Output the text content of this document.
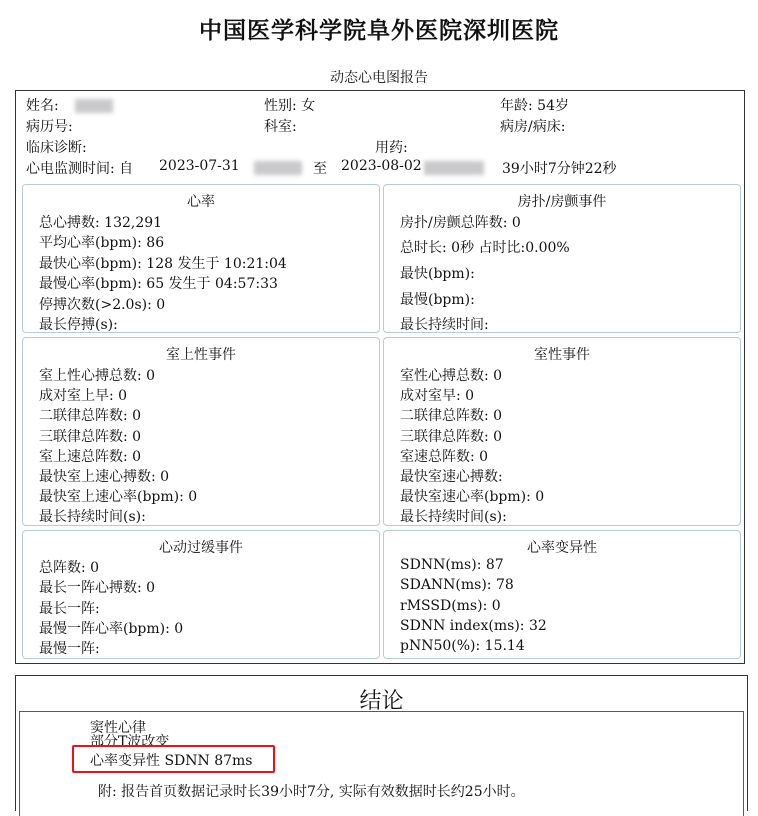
中国医学科学院阜外医院深圳医院
动态心电图报告
姓名:	性别: 女	年龄: 54岁
病历号:	科室:	病房/病床:
临床诊断:	用药:
心电监测时间: 自 2023-07-31	至 2023-08-02	39小时7分钟22秒
心率
总心搏数: 132,291
平均心率(bpm): 86
最快心率(bpm): 128 发生于 10:21:04
最慢心率(bpm): 65 发生于 04:57:33
停搏次数(>2.0s): 0
最长停搏(s):
房扑/房颤事件
房扑/房颤总阵数: 0
总时长: 0秒 占时比:0.00%
最快(bpm):
最慢(bpm):
最长持续时间:
室上性事件
室上性心搏总数: 0
成对室上早: 0
二联律总阵数: 0
三联律总阵数: 0
室上速总阵数: 0
最快室上速心搏数: 0
最快室上速心率(bpm): 0
最长持续时间(s):
室性事件
室性心搏总数: 0
成对室早: 0
二联律总阵数: 0
三联律总阵数: 0
室速总阵数: 0
最快室速心搏数:
最快室速心率(bpm): 0
最长持续时间(s):
心动过缓事件
总阵数: 0
最长一阵心搏数: 0
最长一阵:
最慢一阵心率(bpm): 0
最慢一阵:
心率变异性
SDNN(ms): 87
SDANN(ms): 78
rMSSD(ms): 0
SDNN index(ms): 32
pNN50(%): 15.14
结论
窦性心律
部分T波改变
心率变异性 SDNN 87ms
附: 报告首页数据记录时长39小时7分, 实际有效数据时长约25小时。
